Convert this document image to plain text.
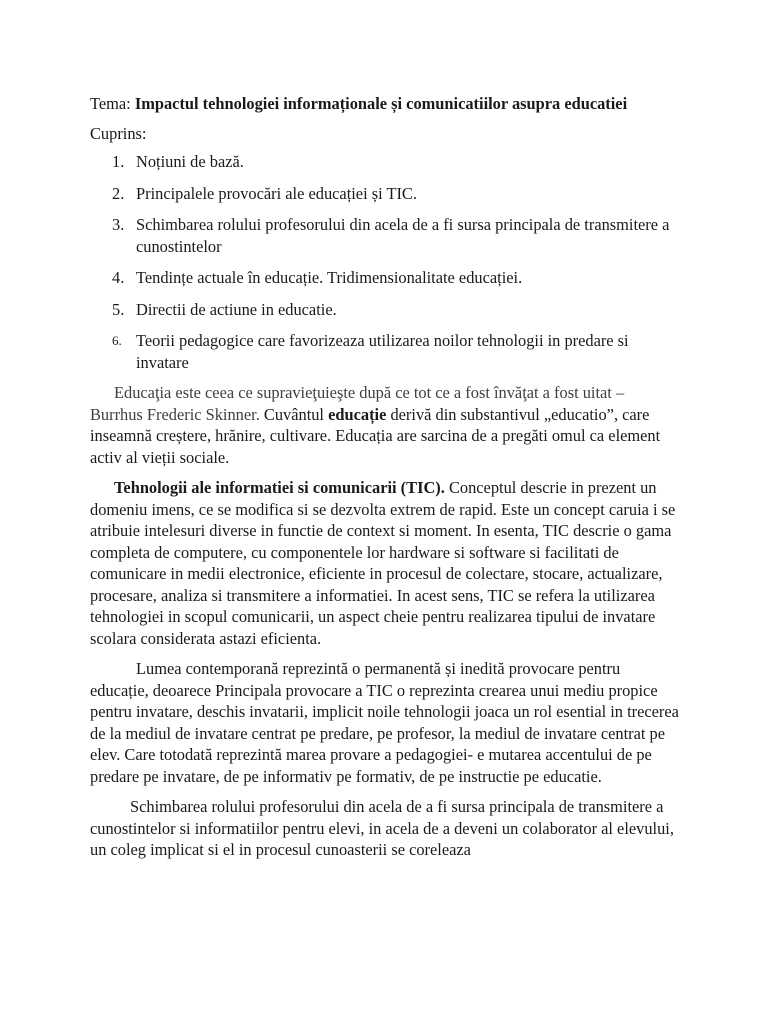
Tema: Impactul tehnologiei informaționale și comunicatiilor asupra educatiei
Cuprins:
1. Noțiuni de bază.
2. Principalele provocări ale educației și TIC.
3. Schimbarea rolului profesorului din acela de a fi sursa principala de transmitere a cunostintelor
4. Tendințe actuale în educație. Tridimensionalitate educației.
5. Directii de actiune in educatie.
6. Teorii pedagogice care favorizeaza utilizarea noilor tehnologii in predare si invatare

Educaţia este ceea ce supravieţuieşte după ce tot ce a fost învăţat a fost uitat – Burrhus Frederic Skinner. Cuvântul educație derivă din substantivul „educatio”, care inseamnă creștere, hrănire, cultivare. Educația are sarcina de a pregăti omul ca element activ al vieții sociale.

Tehnologii ale informatiei si comunicarii (TIC). Conceptul descrie in prezent un domeniu imens, ce se modifica si se dezvolta extrem de rapid. Este un concept caruia i se atribuie intelesuri diverse in functie de context si moment. In esenta, TIC descrie o gama completa de computere, cu componentele lor hardware si software si facilitati de comunicare in medii electronice, eficiente in procesul de colectare, stocare, actualizare, procesare, analiza si transmitere a informatiei. In acest sens, TIC se refera la utilizarea tehnologiei in scopul comunicarii, un aspect cheie pentru realizarea tipului de invatare scolara considerata astazi eficienta.

Lumea contemporană reprezintă o permanentă și inedită provocare pentru educație, deoarece Principala provocare a TIC o reprezinta crearea unui mediu propice pentru invatare, deschis invatarii, implicit noile tehnologii joaca un rol esential in trecerea de la mediul de invatare centrat pe predare, pe profesor, la mediul de invatare centrat pe elev. Care totodată reprezintă marea provare a pedagogiei- e mutarea accentului de pe predare pe invatare, de pe informativ pe formativ, de pe instructie pe educatie.

Schimbarea rolului profesorului din acela de a fi sursa principala de transmitere a cunostintelor si informatiilor pentru elevi, in acela de a deveni un colaborator al elevului, un coleg implicat si el in procesul cunoasterii se coreleaza
